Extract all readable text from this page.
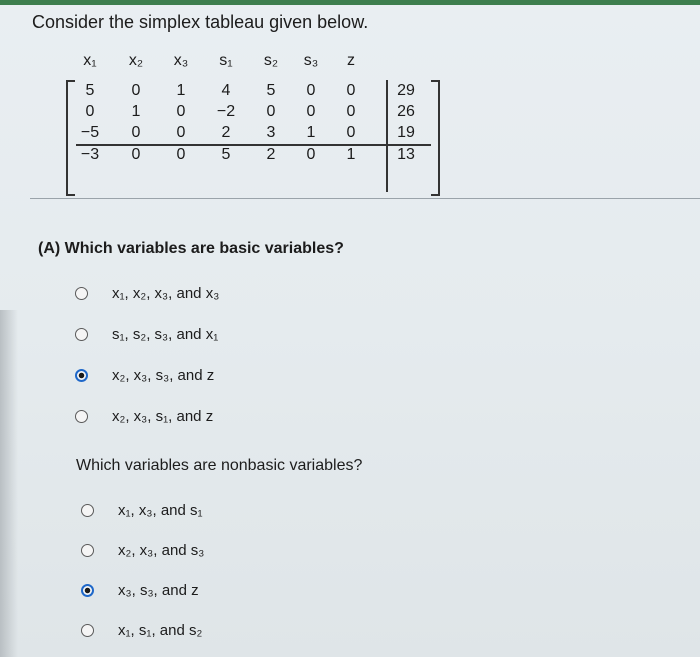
Consider the simplex tableau given below.
x₁	x₂	x₃	s₁	s₂	s₃	z
5	0	1	4	5	0	0	29
0	1	0	−2	0	0	0	26
−5	0	0	2	3	1	0	19
−3	0	0	5	2	0	1	13
(A) Which variables are basic variables?
x₁, x₂, x₃, and x₃
s₁, s₂, s₃, and x₁
x₂, x₃, s₃, and z
x₂, x₃, s₁, and z
Which variables are nonbasic variables?
x₁, x₃, and s₁
x₂, x₃, and s₃
x₃, s₃, and z
x₁, s₁, and s₂
